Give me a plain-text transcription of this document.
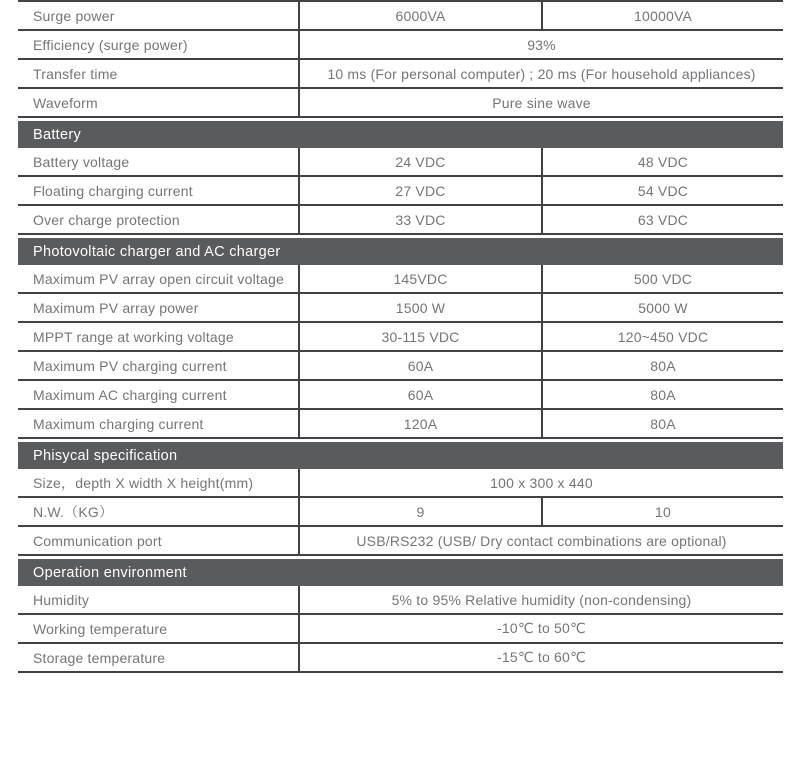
Surge power	6000VA	10000VA
Efficiency (surge power)	93%
Transfer time	10 ms (For personal computer) ; 20 ms (For household appliances)
Waveform	Pure sine wave
Battery
Battery voltage	24 VDC	48 VDC
Floating charging current	27 VDC	54 VDC
Over charge protection	33 VDC	63 VDC
Photovoltaic charger and AC charger
Maximum PV array open circuit voltage	145VDC	500 VDC
Maximum PV array power	1500 W	5000 W
MPPT range at working voltage	30-115 VDC	120~450 VDC
Maximum PV charging current	60A	80A
Maximum AC charging current	60A	80A
Maximum charging current	120A	80A
Phisycal specification
Size，depth X width X height(mm)	100 x 300 x 440
N.W.（KG）	9	10
Communication port	USB/RS232 (USB/ Dry contact combinations are optional)
Operation environment
Humidity	5% to 95% Relative humidity (non-condensing)
Working temperature	-10℃ to 50℃
Storage temperature	-15℃ to 60℃
